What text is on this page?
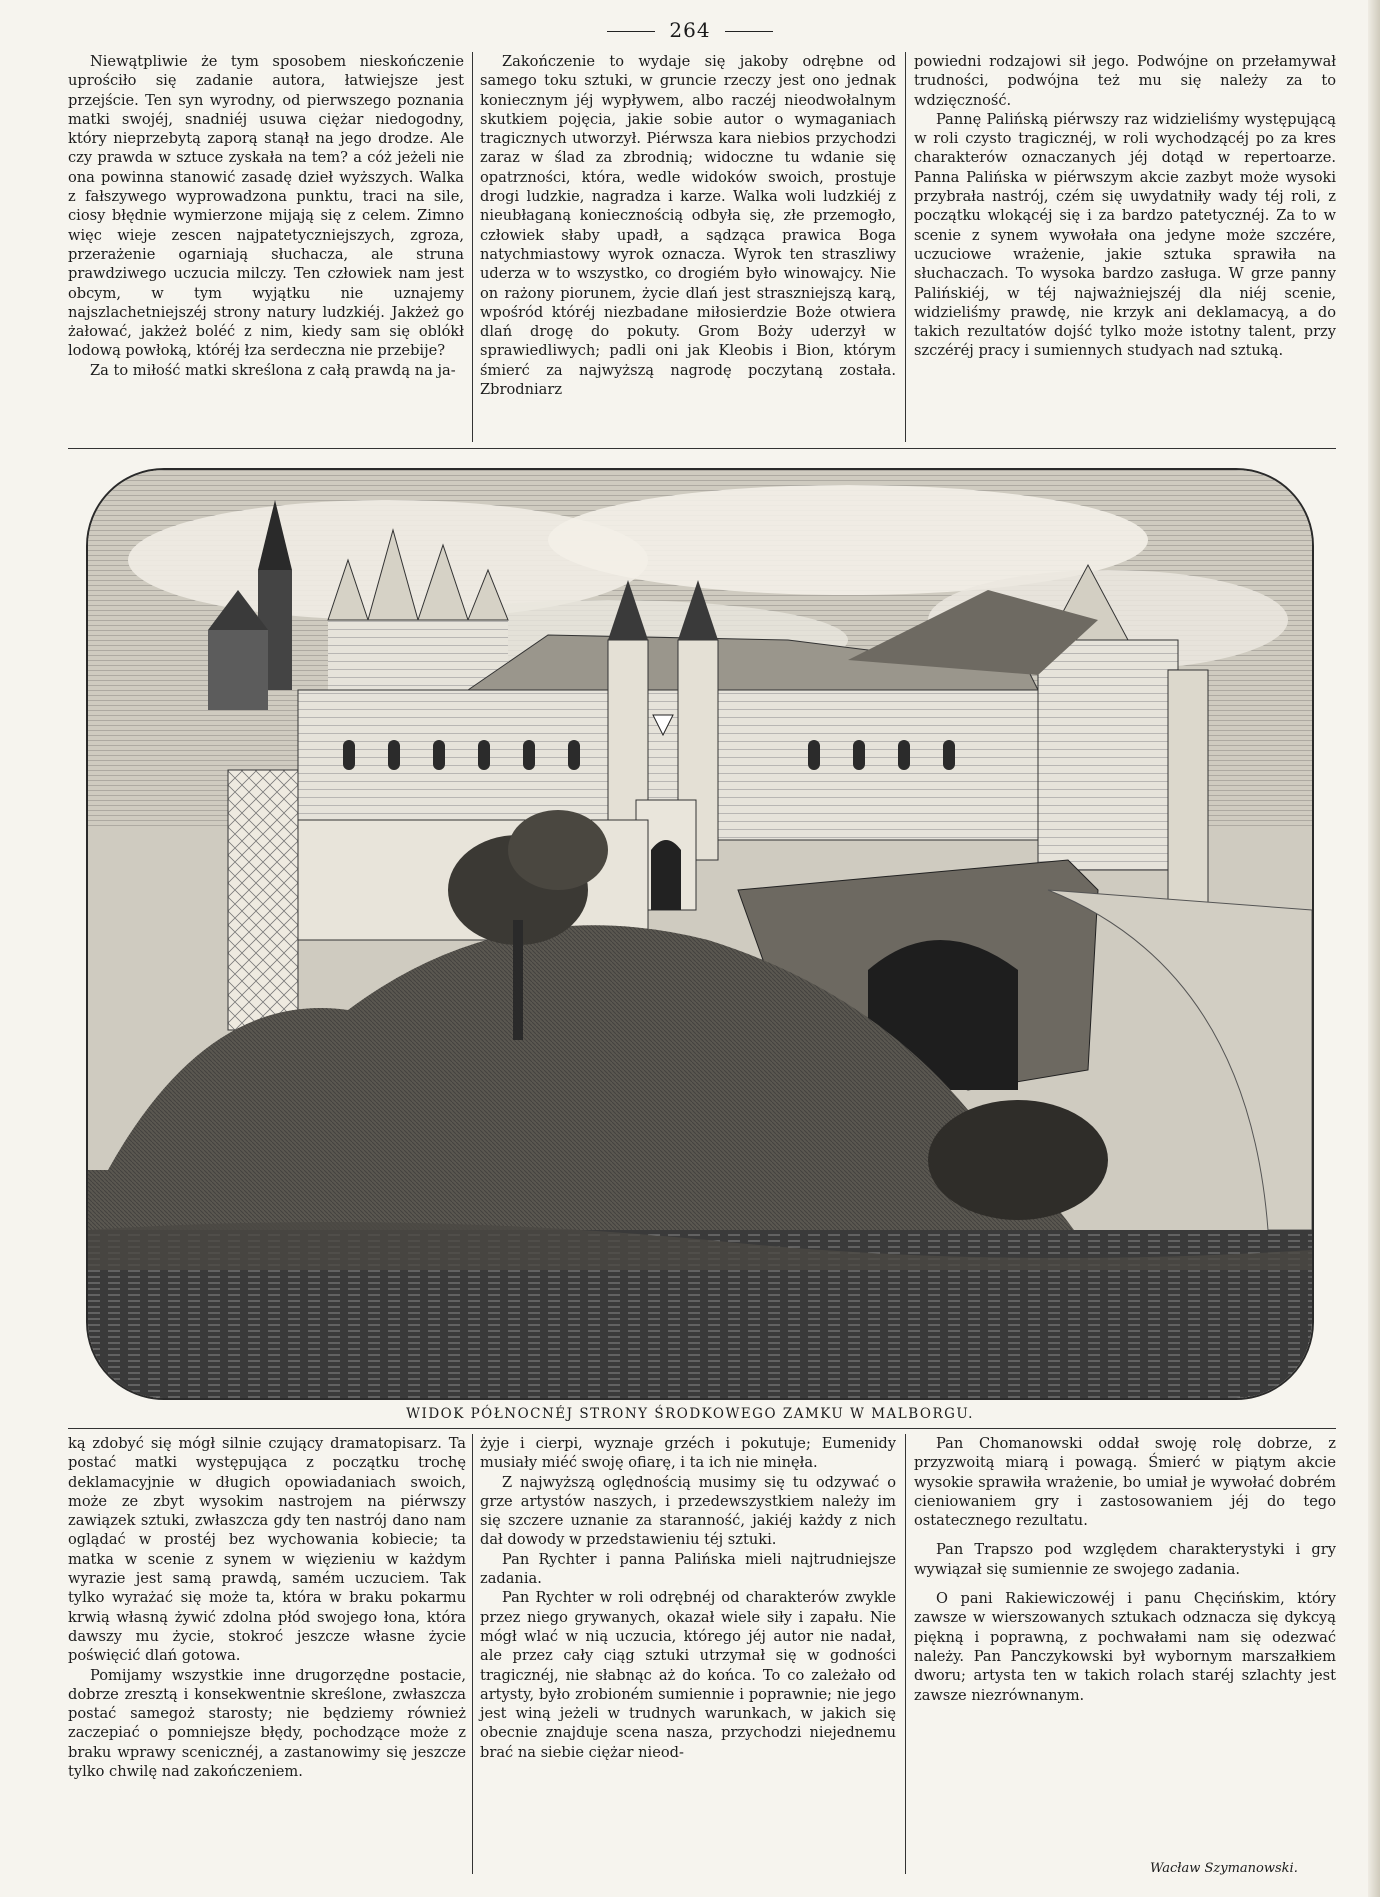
264

Niewątpliwie że tym sposobem nieskończenie uprościło się zadanie autora, łatwiejsze jest przejście. Ten syn wyrodny, od pierwszego poznania matki swojéj, snadniéj usuwa ciężar niedogodny, który nieprzebytą zaporą stanął na jego drodze. Ale czy prawda w sztuce zyskała na tem? a cóż jeżeli nie ona powinna stanowić zasadę dzieł wyższych. Walka z fałszywego wyprowadzona punktu, traci na sile, ciosy błędnie wymierzone mijają się z celem. Zimno więc wieje zescen najpatetyczniejszych, zgroza, przerażenie ogarniają słuchacza, ale struna prawdziwego uczucia milczy. Ten człowiek nam jest obcym, w tym wyjątku nie uznajemy najszlachetniejszéj strony natury ludzkiéj. Jakżeż go żałować, jakżeż boléć z nim, kiedy sam się oblókł lodową powłoką, któréj łza serdeczna nie przebije?

Za to miłość matki skreślona z całą prawdą na ja-

Zakończenie to wydaje się jakoby odrębne od samego toku sztuki, w gruncie rzeczy jest ono jednak koniecznym jéj wypływem, albo raczéj nieodwołalnym skutkiem pojęcia, jakie sobie autor o wymaganiach tragicznych utworzył. Piérwsza kara niebios przychodzi zaraz w ślad za zbrodnią; widoczne tu wdanie się opatrzności, która, wedle widoków swoich, prostuje drogi ludzkie, nagradza i karze. Walka woli ludzkiéj z nieubłaganą koniecznością odbyła się, złe przemogło, człowiek słaby upadł, a sądząca prawica Boga natychmiastowy wyrok oznacza. Wyrok ten straszliwy uderza w to wszystko, co drogiém było winowajcy. Nie on rażony piorunem, życie dlań jest straszniejszą karą, wpośród któréj niezbadane miłosierdzie Boże otwiera dlań drogę do pokuty. Grom Boży uderzył w sprawiedliwych; padli oni jak Kleobis i Bion, którym śmierć za najwyższą nagrodę poczytaną została. Zbrodniarz

powiedni rodzajowi sił jego. Podwójne on przełamywał trudności, podwójna też mu się należy za to wdzięczność.

Pannę Palińską piérwszy raz widzieliśmy występującą w roli czysto tragicznéj, w roli wychodzącéj po za kres charakterów oznaczanych jéj dotąd w repertoarze. Panna Palińska w piérwszym akcie zazbyt może wysoki przybrała nastrój, czém się uwydatniły wady téj roli, z początku wlokącéj się i za bardzo patetycznéj. Za to w scenie z synem wywołała ona jedyne może szczére, uczuciowe wrażenie, jakie sztuka sprawiła na słuchaczach. To wysoka bardzo zasługa. W grze panny Palińskiéj, w téj najważniejszéj dla niéj scenie, widzieliśmy prawdę, nie krzyk ani deklamacyą, a do takich rezultatów dojść tylko może istotny talent, przy szczéréj pracy i sumiennych studyach nad sztuką.

WIDOK PÓŁNOCNÉJ STRONY ŚRODKOWEGO ZAMKU W MALBORGU.

ką zdobyć się mógł silnie czujący dramatopisarz. Ta postać matki występująca z początku trochę deklamacyjnie w długich opowiadaniach swoich, może ze zbyt wysokim nastrojem na piérwszy zawiązek sztuki, zwłaszcza gdy ten nastrój dano nam oglądać w prostéj bez wychowania kobiecie; ta matka w scenie z synem w więzieniu w każdym wyrazie jest samą prawdą, samém uczuciem. Tak tylko wyrażać się może ta, która w braku pokarmu krwią własną żywić zdolna płód swojego łona, która dawszy mu życie, stokroć jeszcze własne życie poświęcić dlań gotowa.

Pomijamy wszystkie inne drugorzędne postacie, dobrze zresztą i konsekwentnie skreślone, zwłaszcza postać samegoż starosty; nie będziemy również zaczepiać o pomniejsze błędy, pochodzące może z braku wprawy scenicznéj, a zastanowimy się jeszcze tylko chwilę nad zakończeniem.

żyje i cierpi, wyznaje grzéch i pokutuje; Eumenidy musiały miéć swoję ofiarę, i ta ich nie minęła.

Z najwyższą oględnością musimy się tu odzywać o grze artystów naszych, i przedewszystkiem należy im się szczere uznanie za staranność, jakiéj każdy z nich dał dowody w przedstawieniu téj sztuki.

Pan Rychter i panna Palińska mieli najtrudniejsze zadania.

Pan Rychter w roli odrębnéj od charakterów zwykle przez niego grywanych, okazał wiele siły i zapału. Nie mógł wlać w nią uczucia, którego jéj autor nie nadał, ale przez cały ciąg sztuki utrzymał się w godności tragicznéj, nie słabnąc aż do końca. To co zależało od artysty, było zrobioném sumiennie i poprawnie; nie jego jest winą jeżeli w trudnych warunkach, w jakich się obecnie znajduje scena nasza, przychodzi niejednemu brać na siebie ciężar nieod-

Pan Chomanowski oddał swoję rolę dobrze, z przyzwoitą miarą i powagą. Śmierć w piątym akcie wysokie sprawiła wrażenie, bo umiał je wywołać dobrém cieniowaniem gry i zastosowaniem jéj do tego ostatecznego rezultatu.

Pan Trapszo pod względem charakterystyki i gry wywiązał się sumiennie ze swojego zadania.

O pani Rakiewiczowéj i panu Chęcińskim, który zawsze w wierszowanych sztukach odznacza się dykcyą piękną i poprawną, z pochwałami nam się odezwać należy. Pan Panczykowski był wybornym marszałkiem dworu; artysta ten w takich rolach staréj szlachty jest zawsze niezrównanym.

Wacław Szymanowski.
